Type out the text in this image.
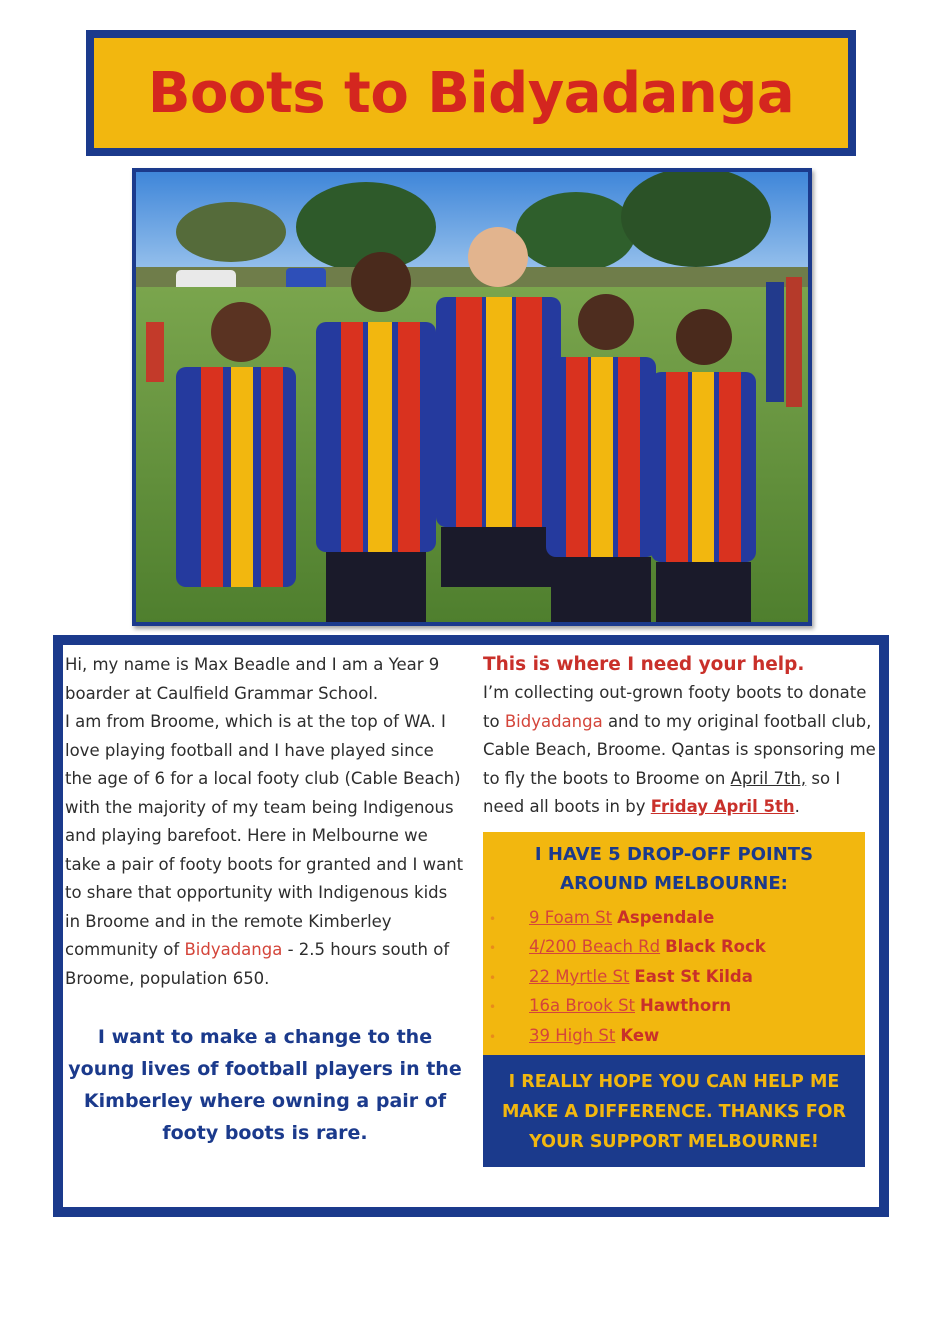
Boots to Bidyadanga

Hi, my name is Max Beadle and I am a Year 9 boarder at Caulfield Grammar School.

I am from Broome, which is at the top of WA. I love playing football and I have played since the age of 6 for a local footy club (Cable Beach) with the majority of my team being Indigenous and playing barefoot. Here in Melbourne we take a pair of footy boots for granted and I want to share that opportunity with Indigenous kids in Broome and in the remote Kimberley community of Bidyadanga - 2.5 hours south of Broome, population 650.

I want to make a change to the young lives of football players in the Kimberley where owning a pair of footy boots is rare.
This is where I need your help.

I’m collecting out-grown footy boots to donate to Bidyadanga and to my original football club, Cable Beach, Broome. Qantas is sponsoring me to fly the boots to Broome on April 7th, so I need all boots in by Friday April 5th.

I HAVE 5 DROP-OFF POINTS AROUND MELBOURNE:
•	9 Foam St Aspendale
•	4/200 Beach Rd Black Rock
•	22 Myrtle St East St Kilda
•	16a Brook St Hawthorn
•	39 High St Kew
I REALLY HOPE YOU CAN HELP ME MAKE A DIFFERENCE. THANKS FOR YOUR SUPPORT MELBOURNE!
